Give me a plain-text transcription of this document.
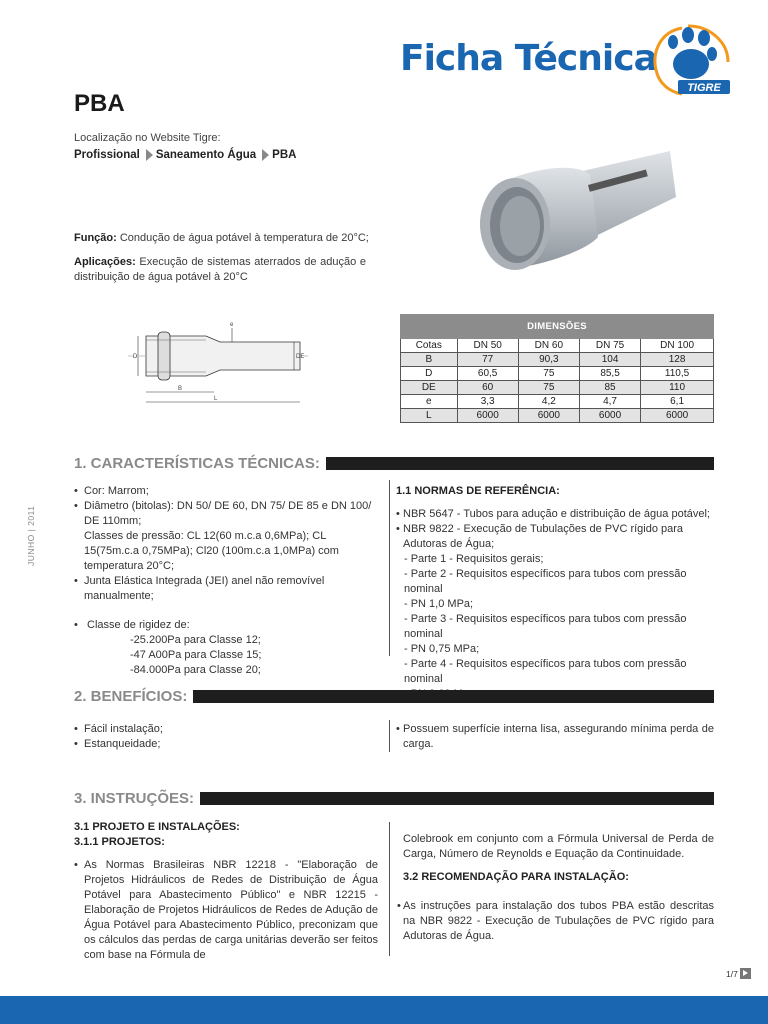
Ficha Técnica
TIGRE
PBA
Localização no Website Tigre:
Profissional Saneamento Água PBA
Função: Condução de água potável à temperatura de 20°C;
Aplicações: Execução de sistemas aterrados de adução e distribuição de água potável à 20°C
D	DE
B
L
e	DIMENSÕES				
Cotas	DN 50	DN 60	DN 75	DN 100
B	77	90,3	104	128
D	60,5	75	85,5	110,5
DE	60	75	85	110
e	3,3	4,2	4,7	6,1
L	6000	6000	6000	6000
1. CARACTERÍSTICAS TÉCNICAS:
JUNHO | 2011
• Cor: Marrom;
• Diâmetro (bitolas): DN 50/ DE 60, DN 75/ DE 85 e DN 100/ DE 110mm;
Classes de pressão: CL 12(60 m.c.a 0,6MPa); CL 15(75m.c.a 0,75MPa); Cl20 (100m.c.a 1,0MPa) com temperatura 20°C;
• Junta Elástica Integrada (JEI) anel não removível manualmente;
• Classe de rigidez de:
-25.200Pa para Classe 12;
-47 A00Pa para Classe 15;
-84.000Pa para Classe 20;
1.1 NORMAS DE REFERÊNCIA:
• NBR 5647 - Tubos para adução e distribuição de água potável;
• NBR 9822 - Execução de Tubulações de PVC rígido para Adutoras de Água;
- Parte 1 - Requisitos gerais;
- Parte 2 - Requisitos específicos para tubos com pressão nominal
- PN 1,0 MPa;
- Parte 3 - Requisitos específicos para tubos com pressão nominal
- PN 0,75 MPa;
- Parte 4 - Requisitos específicos para tubos com pressão nominal
2. BENEFÍCIOS:
• Fácil instalação;
• Estanqueidade;
• Possuem superfície interna lisa, assegurando mínima perda de carga.
3. INSTRUÇÕES:
3.1 PROJETO E INSTALAÇÕES:
3.1.1 PROJETOS:
• As Normas Brasileiras NBR 12218 - "Elaboração de Projetos Hidráulicos de Redes de Distribuição de Água Potável para Abastecimento Público" e NBR 12215 - Elaboração de Projetos Hidráulicos de Redes de Adução de Água Potável para Abastecimento Público, preconizam que os cálculos das perdas de carga unitárias deverão ser feitos com base na Fórmula de
Colebrook em conjunto com a Fórmula Universal de Perda de Carga, Número de Reynolds e Equação da Continuidade.
3.2 RECOMENDAÇÃO PARA INSTALAÇÃO:
• As instruções para instalação dos tubos PBA estão descritas na NBR 9822 - Execução de Tubulações de PVC rígido para Adutoras de Água.
1/7
